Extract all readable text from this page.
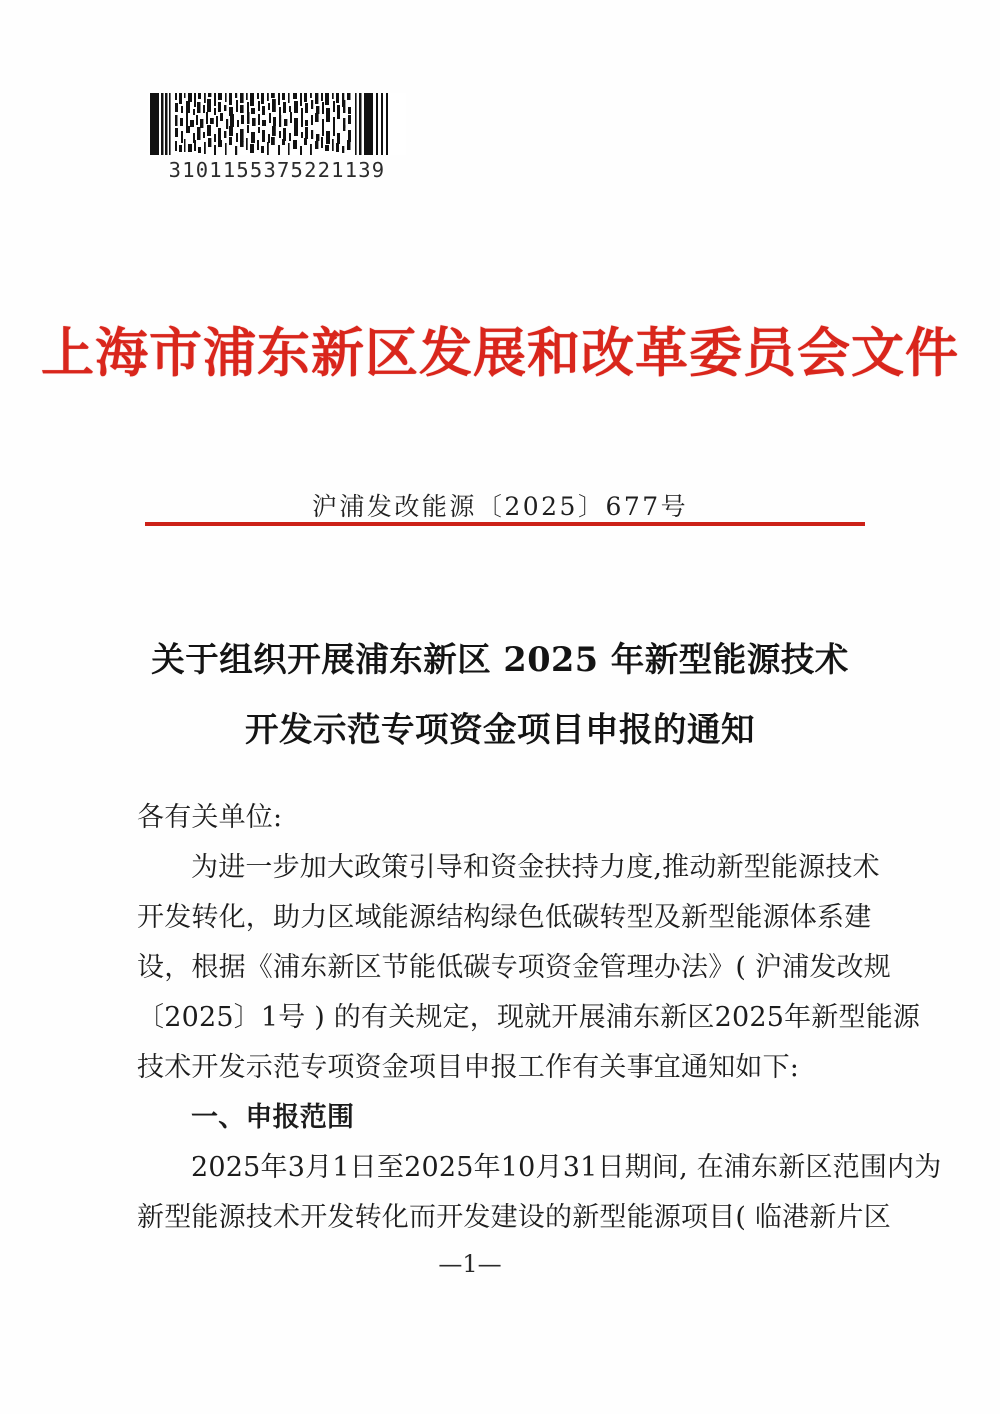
3101155375221139
上海市浦东新区发展和改革委员会文件
沪浦发改能源〔2025〕677号
关于组织开展浦东新区 2025 年新型能源技术
开发示范专项资金项目申报的通知
各有关单位:
为进一步加大政策引导和资金扶持力度,推动新型能源技术
开发转化，助力区域能源结构绿色低碳转型及新型能源体系建
设，根据《浦东新区节能低碳专项资金管理办法》( 沪浦发改规
〔2025〕1号 ) 的有关规定，现就开展浦东新区2025年新型能源
技术开发示范专项资金项目申报工作有关事宜通知如下:
一、申报范围
2025年3月1日至2025年10月31日期间, 在浦东新区范围内为
新型能源技术开发转化而开发建设的新型能源项目( 临港新片区
—1—
